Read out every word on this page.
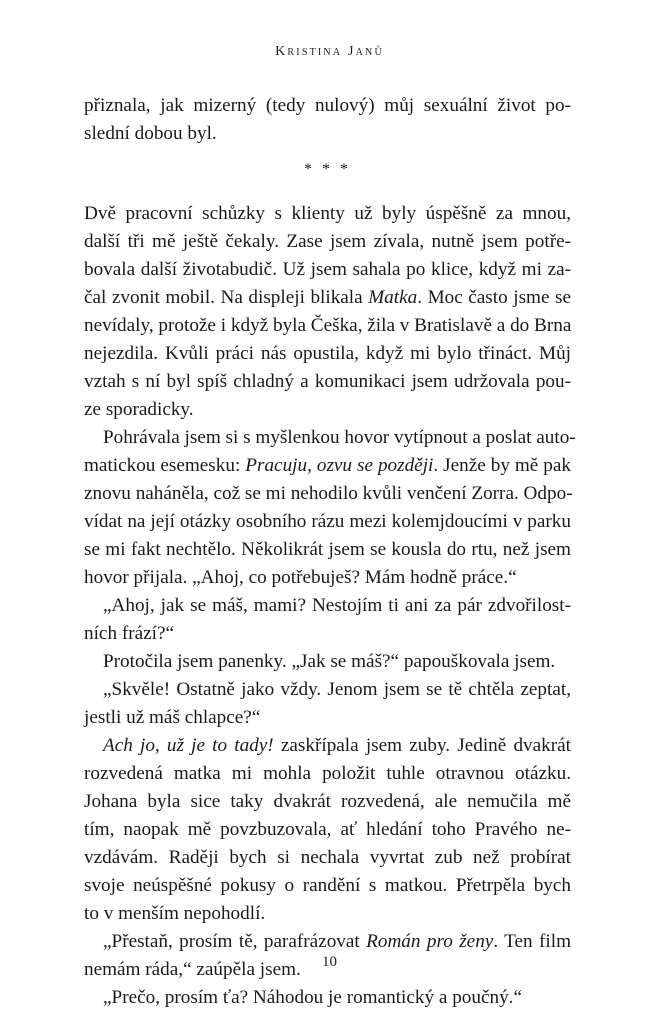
Kristina Janů
přiznala, jak mizerný (tedy nulový) můj sexuální život po-
slední dobou byl.
* * *
Dvě pracovní schůzky s klienty už byly úspěšně za mnou,
další tři mě ještě čekaly. Zase jsem zívala, nutně jsem potře-
bovala další životabudič. Už jsem sahala po klice, když mi za-
čal zvonit mobil. Na displeji blikala Matka. Moc často jsme se
nevídaly, protože i když byla Češka, žila v Bratislavě a do Brna
nejezdila. Kvůli práci nás opustila, když mi bylo třináct. Můj
vztah s ní byl spíš chladný a komunikaci jsem udržovala pou-
ze sporadicky.
Pohrávala jsem si s myšlenkou hovor vytípnout a poslat auto-
matickou esemesku: Pracuju, ozvu se později. Jenže by mě pak
znovu naháněla, což se mi nehodilo kvůli venčení Zorra. Odpo-
vídat na její otázky osobního rázu mezi kolemjdoucími v parku
se mi fakt nechtělo. Několikrát jsem se kousla do rtu, než jsem
hovor přijala. „Ahoj, co potřebuješ? Mám hodně práce.“
„Ahoj, jak se máš, mami? Nestojím ti ani za pár zdvořilost-
ních frází?“
Protočila jsem panenky. „Jak se máš?“ papouškovala jsem.
„Skvěle! Ostatně jako vždy. Jenom jsem se tě chtěla zeptat,
jestli už máš chlapce?“
Ach jo, už je to tady! zaskřípala jsem zuby. Jedině dvakrát
rozvedená matka mi mohla položit tuhle otravnou otázku.
Johana byla sice taky dvakrát rozvedená, ale nemučila mě
tím, naopak mě povzbuzovala, ať hledání toho Pravého ne-
vzdávám. Raději bych si nechala vyvrtat zub než probírat
svoje neúspěšné pokusy o randění s matkou. Přetrpěla bych
to v menším nepohodlí.
„Přestaň, prosím tě, parafrázovat Román pro ženy. Ten film
nemám ráda,“ zaúpěla jsem.
„Prečo, prosím ťa? Náhodou je romantický a poučný.“
10
